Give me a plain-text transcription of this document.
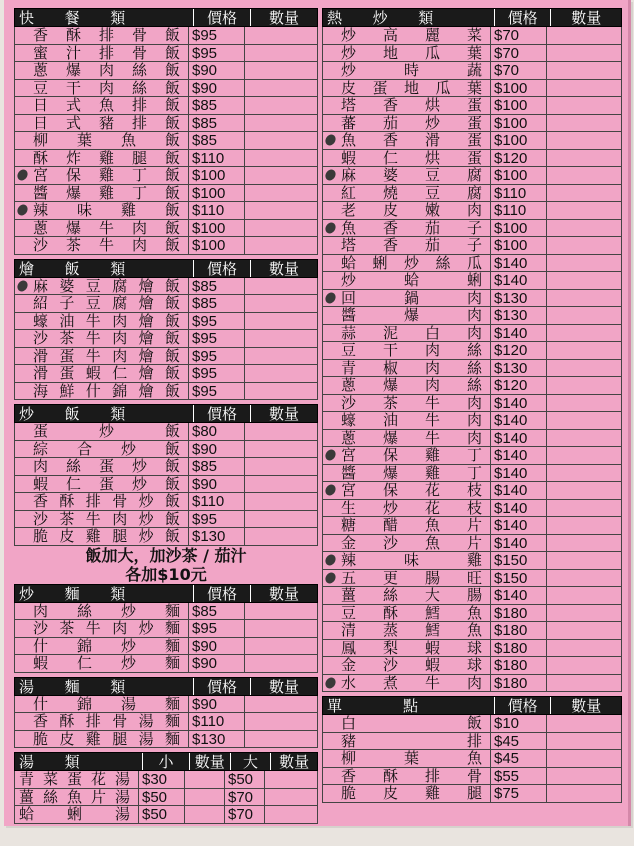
快　　餐　　類	價格	數量
香酥排骨飯 $95
蜜汁排骨飯 $95
蔥爆肉絲飯 $90
豆干肉絲飯 $90
日式魚排飯 $85
日式豬排飯 $85
柳葉魚飯 $85
酥炸雞腿飯 $110
宮保雞丁飯 $100
醬爆雞丁飯 $100
辣味雞飯 $110
蔥爆牛肉飯 $100
沙茶牛肉飯 $100
燴　　飯　　類	價格	數量
麻婆豆腐燴飯 $85
紹子豆腐燴飯 $85
蠔油牛肉燴飯 $95
沙茶牛肉燴飯 $95
滑蛋牛肉燴飯 $95
滑蛋蝦仁燴飯 $95
海鮮什錦燴飯 $95
炒　　飯　　類	價格	數量
蛋炒飯 $80
綜合炒飯 $90
肉絲蛋炒飯 $85
蝦仁蛋炒飯 $90
香酥排骨炒飯 $110
沙茶牛肉炒飯 $95
脆皮雞腿炒飯 $130
飯加大，加沙茶 / 茄汁
各加$10元
炒　　麵　　類	價格	數量
肉絲炒麵 $85
沙茶牛肉炒麵 $95
什錦炒麵 $90
蝦仁炒麵 $90
湯　　麵　　類	價格	數量
什錦湯麵 $90
香酥排骨湯麵 $110
脆皮雞腿湯麵 $130
湯　　類	小	數量	大	數量
青菜蛋花湯 $30	$50
薑絲魚片湯 $50	$70
蛤蜊湯 $50	$70
熱　　炒　　類	價格	數量
炒高麗菜 $70
炒地瓜葉 $70
炒時蔬 $70
皮蛋地瓜葉 $100
塔香烘蛋 $100
蕃茄炒蛋 $100
魚香滑蛋 $100
蝦仁烘蛋 $120
麻婆豆腐 $100
紅燒豆腐 $110
老皮嫩肉 $110
魚香茄子 $100
塔香茄子 $100
蛤蜊炒絲瓜 $140
炒蛤蜊 $140
回鍋肉 $130
醬爆肉 $130
蒜泥白肉 $140
豆干肉絲 $120
青椒肉絲 $130
蔥爆肉絲 $120
沙茶牛肉 $140
蠔油牛肉 $140
蔥爆牛肉 $140
宮保雞丁 $140
醬爆雞丁 $140
宮保花枝 $140
生炒花枝 $140
糖醋魚片 $140
金沙魚片 $140
辣味雞 $150
五更腸旺 $150
薑絲大腸 $140
豆酥鱈魚 $180
清蒸鱈魚 $180
鳳梨蝦球 $180
金沙蝦球 $180
水煮牛肉 $180
單　　　　點	價格	數量
白飯 $10
豬排 $45
柳葉魚 $45
香酥排骨 $55
脆皮雞腿 $75
